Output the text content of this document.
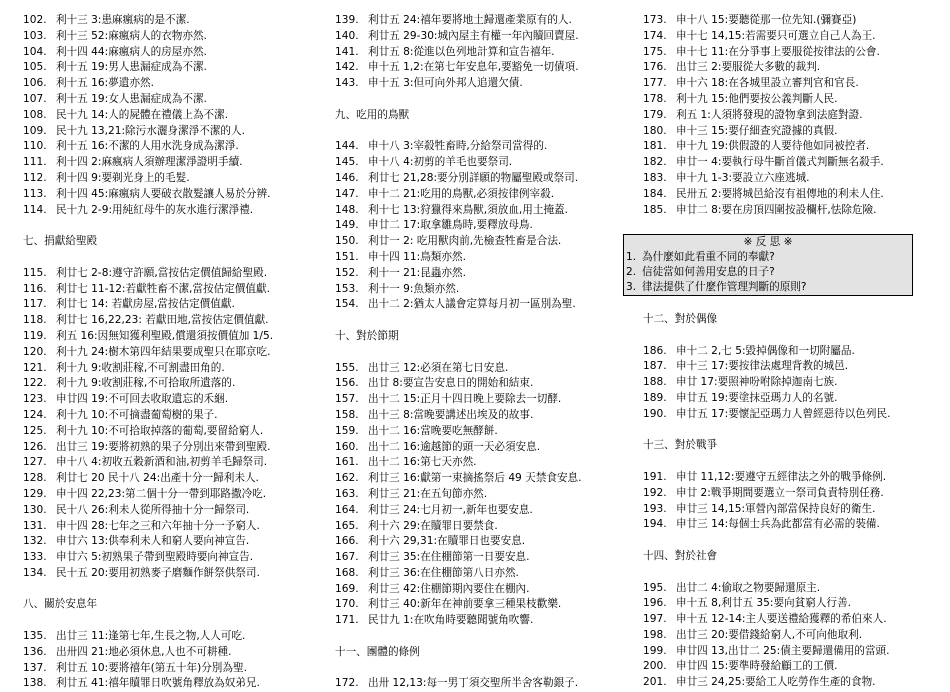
102. 利十三 3:患麻瘋病的是不潔.
103. 利十三 52:麻瘋病人的衣物亦然.
104. 利十四 44:麻瘋病人的房屋亦然.
105. 利十五 19:男人患漏症成為不潔.
106. 利十五 16:夢遺亦然.
107. 利十五 19:女人患漏症成為不潔.
108. 民十九 14:人的屍體在禮儀上為不潔.
109. 民十九 13,21:除污水灑身潔淨不潔的人.
110. 利十五 16:不潔的人用水洗身成為潔淨.
111. 利十四 2:麻瘋病人須辦理潔淨證明手續.
112. 利十四 9:要剃光身上的毛髮.
113. 利十四 45:麻瘋病人要破衣散髮讓人易於分辨.
114. 民十九 2-9:用純紅母牛的灰水進行潔淨禮.
七、捐獻給聖殿
115. 利廿七 2-8:遵守許願,當按估定價值歸給聖殿.
116. 利廿七 11-12:若獻牲畜不潔,當按估定價值獻.
117. 利廿七 14: 若獻房屋,當按估定價值獻.
118. 利廿七 16,22,23: 若獻田地,當按估定價值獻.
119. 利五 16:因無知獲利聖殿,償還須按價值加 1/5.
120. 利十九 24:樹木第四年結果要成聖只在耶京吃.
121. 利十九 9:收割莊稼,不可割盡田角的.
122. 利十九 9:收割莊稼,不可拾取所遺落的.
123. 申廿四 19:不可回去收取遺忘的禾綑.
124. 利十九 10:不可摘盡葡萄樹的果子.
125. 利十九 10:不可拾取掉落的葡萄,要留給窮人.
126. 出廿三 19:要將初熟的果子分別出來帶到聖殿.
127. 申十八 4:初收五穀新酒和油,初剪羊毛歸祭司.
128. 利廿七 20 民十八 24:出產十分一歸利未人.
129. 申十四 22,23:第二個十分一帶到耶路撒冷吃.
130. 民十八 26:利未人從所得抽十分一歸祭司.
131. 申十四 28:七年之三和六年抽十分一予窮人.
132. 申廿六 13:供奉利未人和窮人要向神宣告.
133. 申廿六 5:初熟果子帶到聖殿時要向神宣告.
134. 民十五 20:要用初熟麥子磨麵作餅祭供祭司.
八、關於安息年
135. 出廿三 11:逢第七年,生長之物,人人可吃.
136. 出卅四 21:地必須休息,人也不可耕種.
137. 利廿五 10:要將禧年(第五十年)分別為聖.
138. 利廿五 41:禧年贖罪日吹號角釋放為奴弟兄.
139. 利廿五 24:禧年要將地土歸還產業原有的人.
140. 利廿五 29-30:城內屋主有權一年內贖回賣屋.
141. 利廿五 8:從進以色列地計算和宣告禧年.
142. 申十五 1,2:在第七年安息年,要豁免一切債項.
143. 申十五 3:但可向外邦人追還欠債.
九、吃用的鳥獸
144. 申十八 3:宰殺牲畜時,分給祭司當得的.
145. 申十八 4:初剪的羊毛也要祭司.
146. 利廿七 21,28:要分別詳願的物屬聖殿或祭司.
147. 申十二 21:吃用的鳥獸,必須按律例宰殺.
148. 利十七 13:狩獵得來鳥獸,須放血,用土掩蓋.
149. 申廿二 17:取拿雛鳥時,要釋放母鳥.
150. 利廿一 2: 吃用獸肉前,先檢查牲畜是合法.
151. 申十四 11:鳥類亦然.
152. 利十一 21:昆蟲亦然.
153. 利十一 9:魚類亦然.
154. 出十二 2:猶太人議會定算每月初一區別為聖.
十、對於節期
155. 出廿三 12:必須在第七日安息.
156. 出廿 8:要宣告安息日的開始和結束.
157. 出十二 15:正月十四日晚上要除去一切酵.
158. 出十三 8:當晚要講述出埃及的故事.
159. 出十二 16:當晚要吃無酵餅.
160. 出十二 16:逾越節的頭一天必須安息.
161. 出十二 16:第七天亦然.
162. 利廿三 16:獻第一束摘搖祭后 49 天禁食安息.
163. 利廿三 21:在五旬節亦然.
164. 利廿三 24:七月初一,新年也要安息.
165. 利十六 29:在贖罪日要禁食.
166. 利十六 29,31:在贖罪日也要安息.
167. 利廿三 35:在住棚節第一日要安息.
168. 利廿三 36:在住棚節第八日亦然.
169. 利廿三 42:住棚節期內要住在棚內.
170. 利廿三 40:新年在神前要拿三種果枝歡樂.
171. 民廿九 1:在吹角時要聽聞號角吹響.
十一、團體的條例
172. 出卅 12,13:每一男丁須交聖所半舍客勒銀子.
173. 申十八 15:要聽從那一位先知.(彌賽亞)
174. 申十七 14,15:若需要只可選立自己人為王.
175. 申十七 11:在分爭事上要服從按律法的公會.
176. 出廿三 2:要服從大多數的裁判.
177. 申十六 18:在各城里設立審判官和官長.
178. 利十九 15:他們要按公義判斷人民.
179. 利五 1:人須將發現的證物拿到法庭對證.
180. 申十三 15:要仔細查究證據的真假.
181. 申十九 19:供假證的人要待他如同被控者.
182. 申廿一 4:要執行母牛斷首儀式判斷無名殺手.
183. 申十九 1-3:要設立六座逃城.
184. 民卅五 2:要將城邑給沒有祖傳地的利未人住.
185. 申廿二 8:要在房頂四圍按設欄杆,怯除危險.
※ 反 思 ※
1. 為什麼如此看重不同的奉獻?
2. 信徒當如何善用安息的日子?
3. 律法提供了什麼作管理判斷的原則?
十二、對於偶像
186. 申十二 2,七 5:毀掉偶像和一切附屬品.
187. 申十三 17:要按律法處理背教的城邑.
188. 申廿 17:要照神吩咐除掉迦南七族.
189. 申廿五 19:要塗抹亞瑪力人的名號.
190. 申廿五 17:要懷記亞瑪力人曾經惡待以色列民.
十三、對於戰爭
191. 申廿 11,12:要遵守五經律法之外的戰爭條例.
192. 申廿 2:戰爭期間要選立一祭司負責特別任務.
193. 申廿三 14,15:軍營內部當保持良好的衛生.
194. 申廿三 14:每個士兵為此都當有必需的裝備.
十四、對於社會
195. 出廿二 4:偷取之物要歸還原主.
196. 申十五 8,利廿五 35:要向貧窮人行善.
197. 申十五 12-14:主人要送禮給獲釋的希伯來人.
198. 出廿三 20:要借錢給窮人,不可向他取利.
199. 申廿四 13,出廿二 25:債主要歸還備用的當頭.
200. 申廿四 15:要準時發給顧工的工價.
201. 申廿三 24,25:要給工人吃勞作生產的食物.
